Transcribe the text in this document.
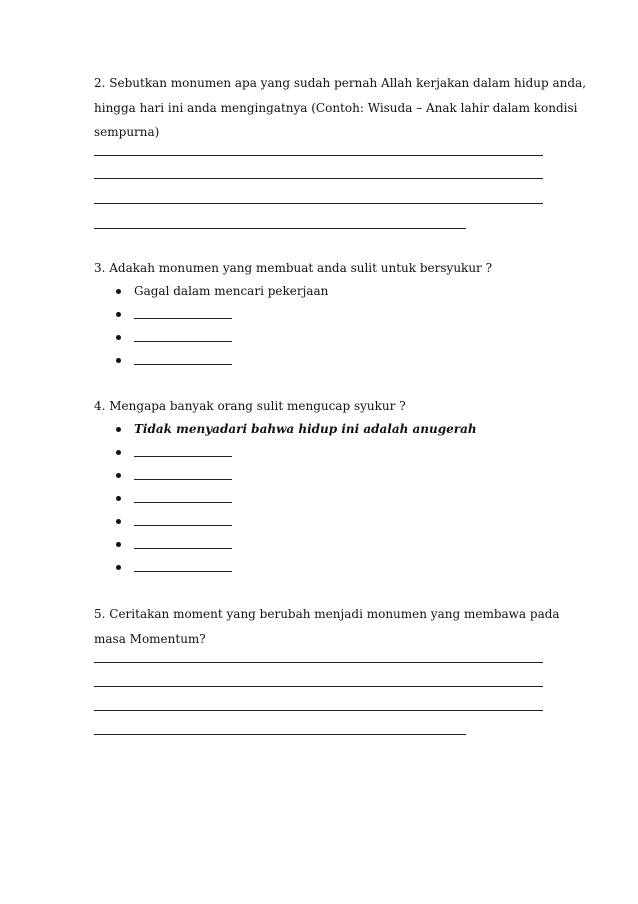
2. Sebutkan monumen apa yang sudah pernah Allah kerjakan dalam hidup anda,

hingga hari ini anda mengingatnya (Contoh: Wisuda – Anak lahir dalam kondisi

sempurna)

3. Adakah monumen yang membuat anda sulit untuk bersyukur ?

Gagal dalam mencari pekerjaan

4. Mengapa banyak orang sulit mengucap syukur ?

Tidak menyadari bahwa hidup ini adalah anugerah

5. Ceritakan moment yang berubah menjadi monumen yang membawa pada

masa Momentum?
